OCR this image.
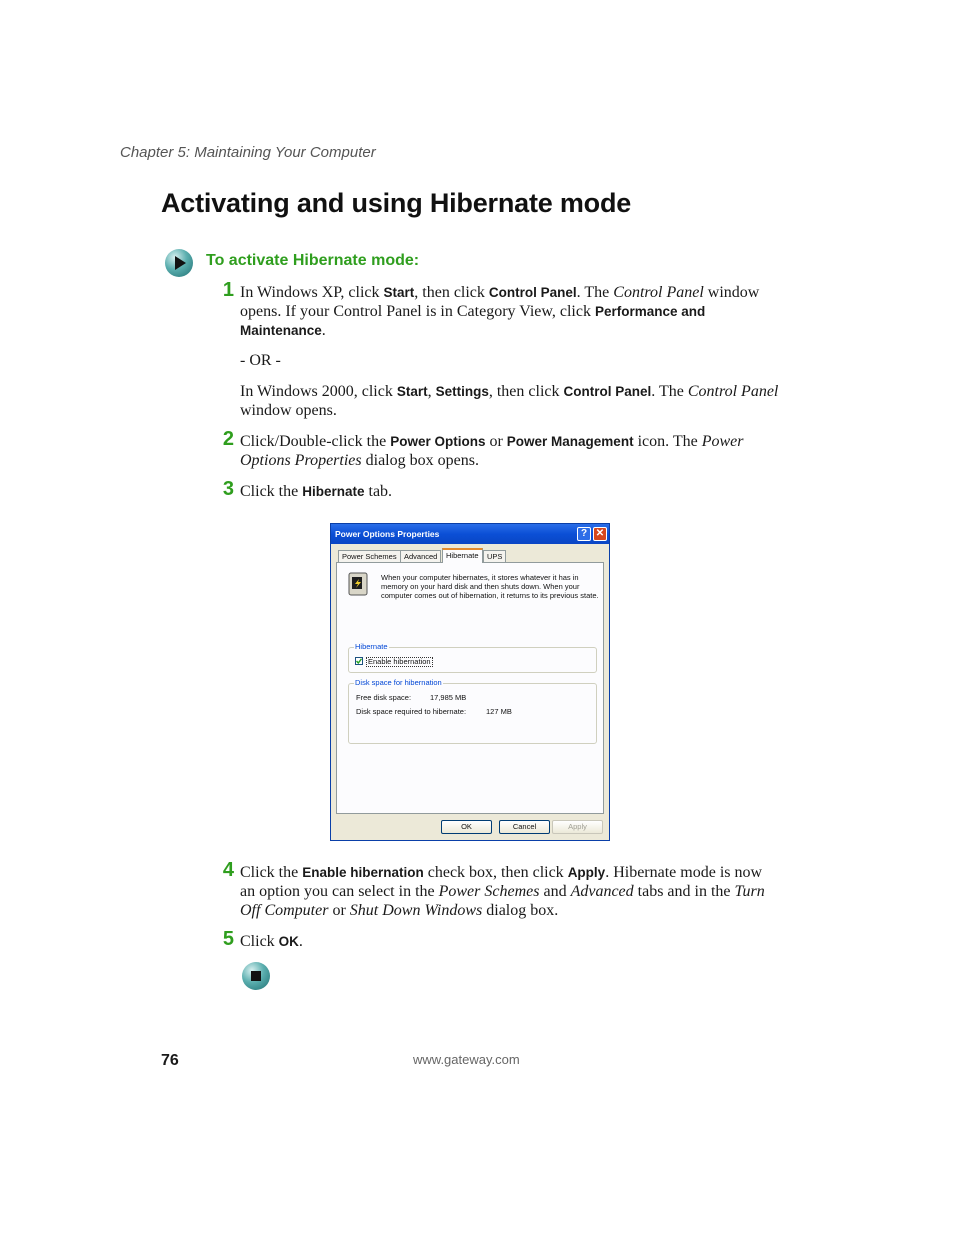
Chapter 5: Maintaining Your Computer
Activating and using Hibernate mode
To activate Hibernate mode:
1 In Windows XP, click Start, then click Control Panel. The Control Panel window opens. If your Control Panel is in Category View, click Performance and Maintenance.
- OR -
In Windows 2000, click Start, Settings, then click Control Panel. The Control Panel window opens.
2 Click/Double-click the Power Options or Power Management icon. The Power Options Properties dialog box opens.
3 Click the Hibernate tab.
Power Options Properties	? ✕
Power Schemes Advanced	Hibernate	UPS
When your computer hibernates, it stores whatever it has in memory on your hard disk and then shuts down. When your computer comes out of hibernation, it returns to its previous state.
Hibernate
Enable hibernation
Disk space for hibernation
Free disk space:	17,985 MB
Disk space required to hibernate:	127 MB
OK	Cancel	Apply
4 Click the Enable hibernation check box, then click Apply. Hibernate mode is now an option you can select in the Power Schemes and Advanced tabs and in the Turn Off Computer or Shut Down Windows dialog box.
5 Click OK.
76	www.gateway.com
